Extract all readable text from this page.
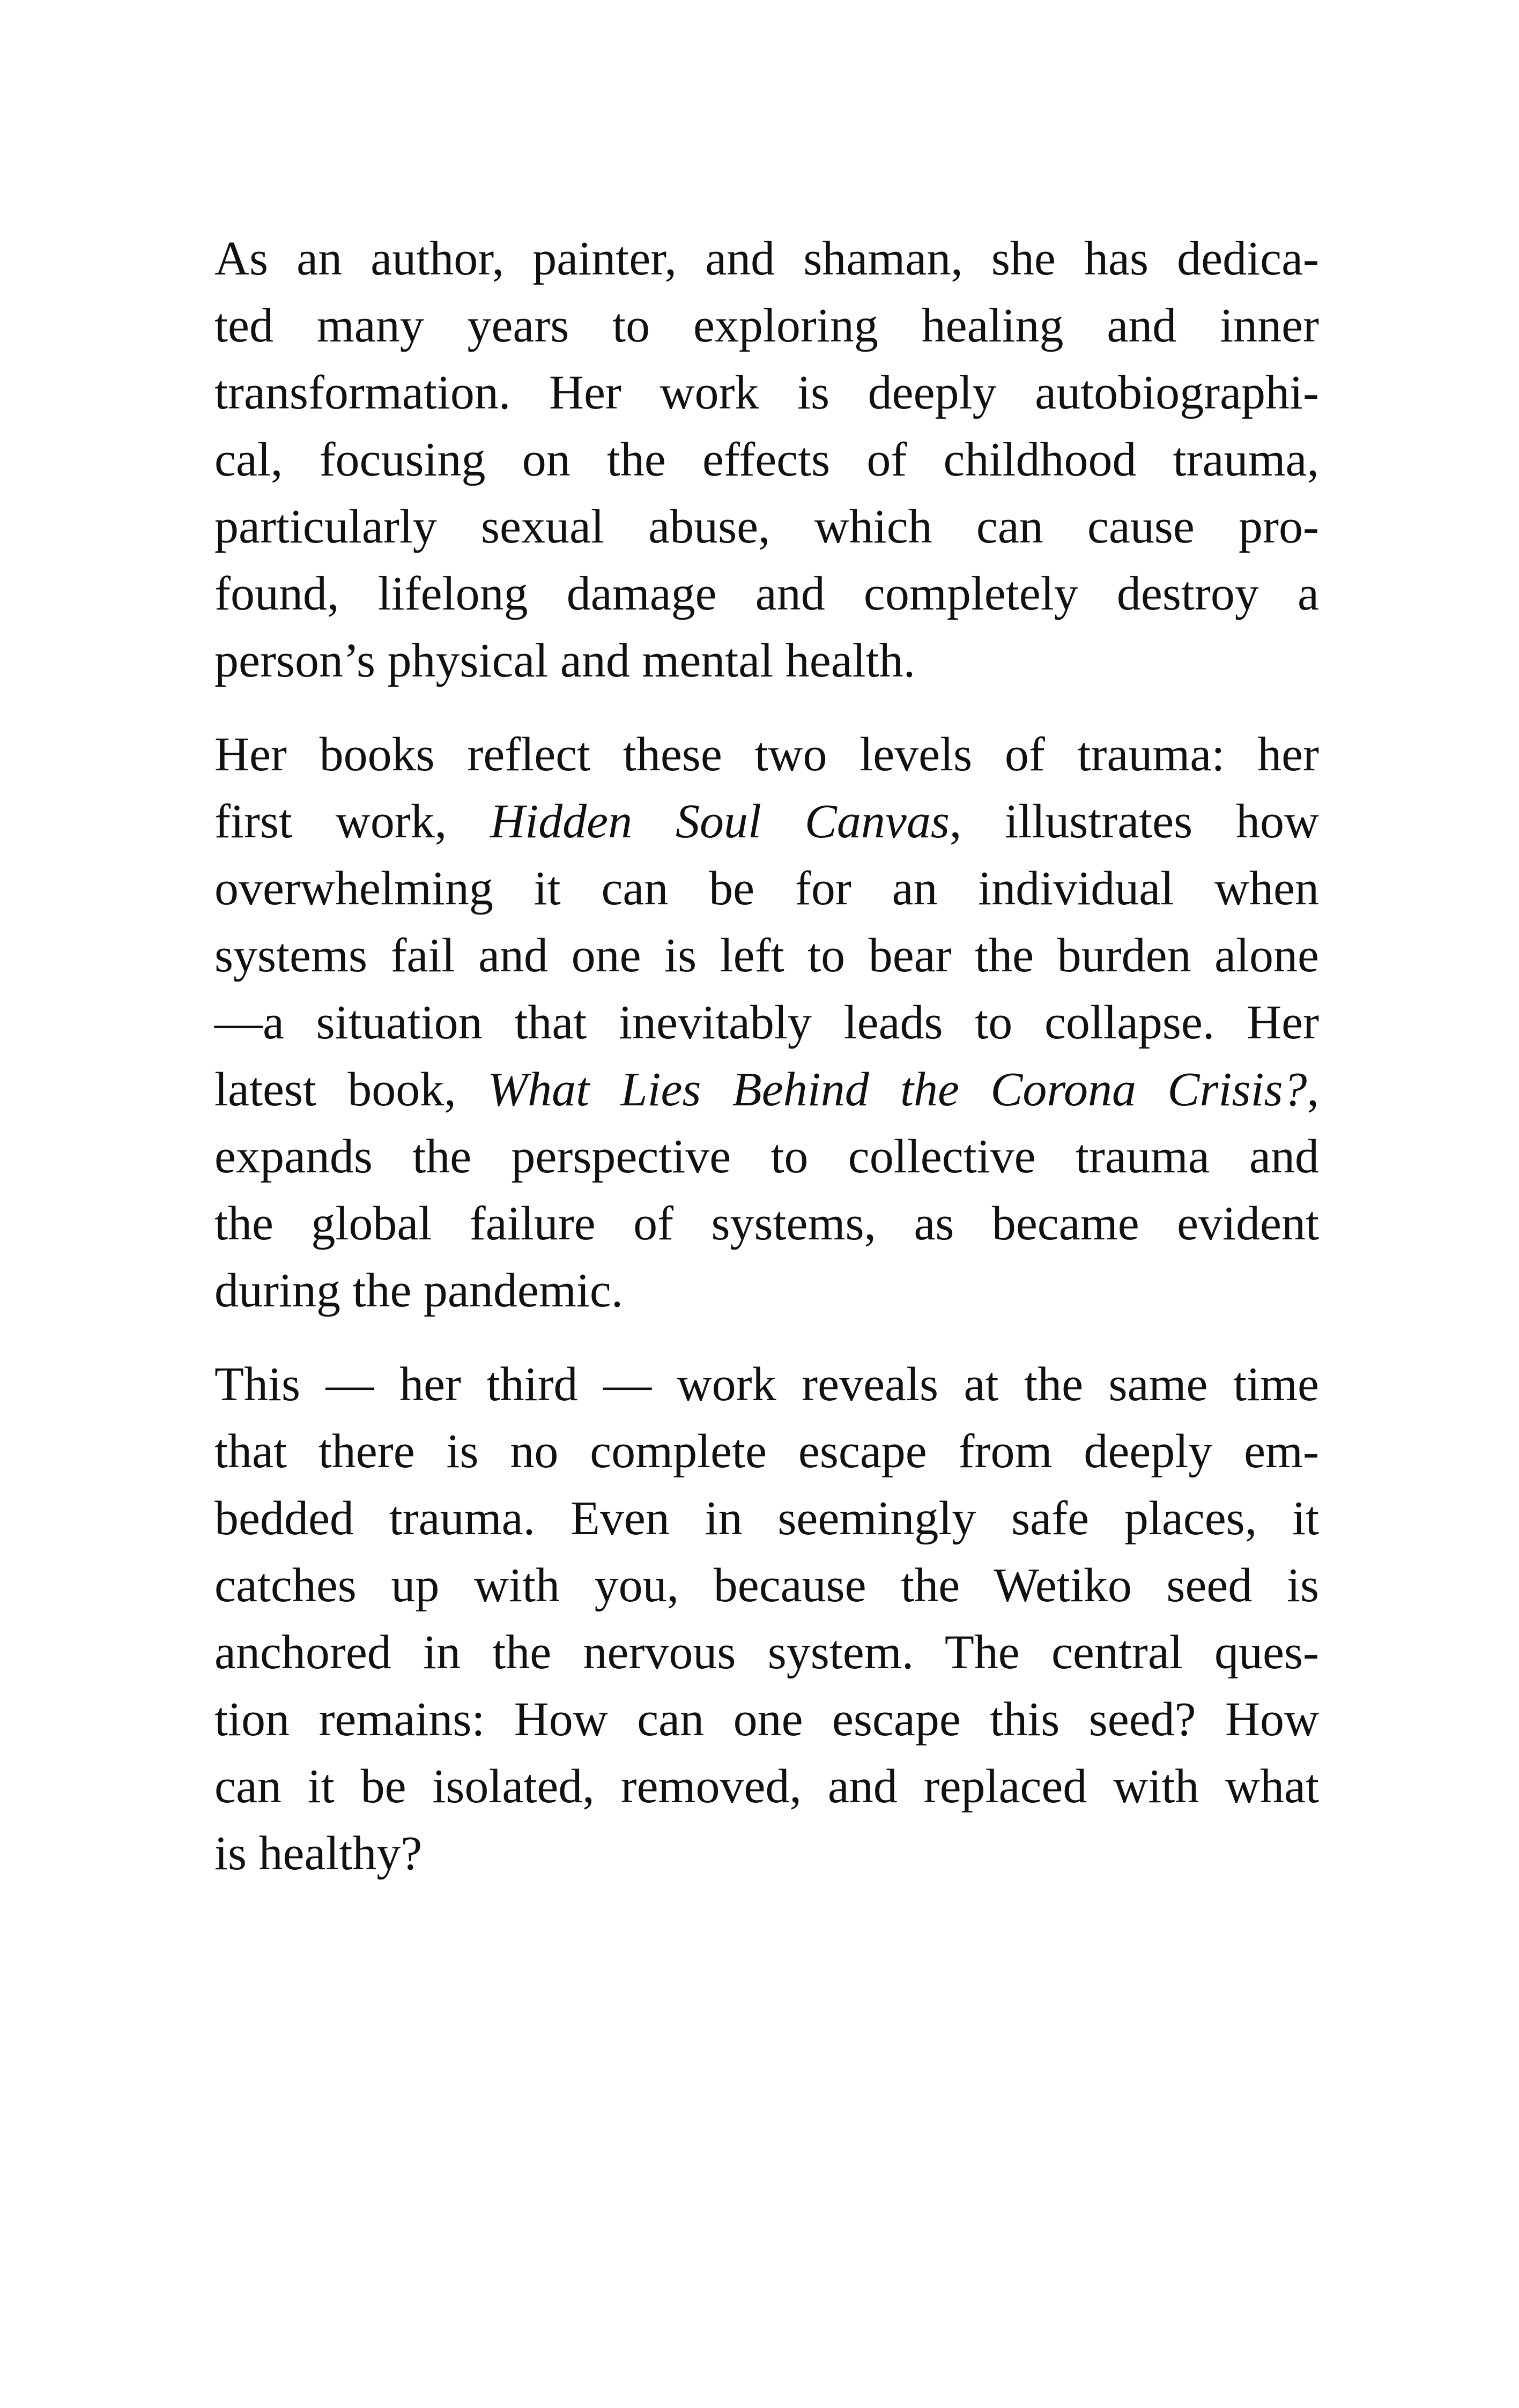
As an author, painter, and shaman, she has dedica-
ted many years to exploring healing and inner
transformation. Her work is deeply autobiographi-
cal, focusing on the effects of childhood trauma,
particularly sexual abuse, which can cause pro-
found, lifelong damage and completely destroy a
person’s physical and mental health.

Her books reflect these two levels of trauma: her
first work, Hidden Soul Canvas, illustrates how
overwhelming it can be for an individual when
systems fail and one is left to bear the burden alone
—a situation that inevitably leads to collapse. Her
latest book, What Lies Behind the Corona Crisis?,
expands the perspective to collective trauma and
the global failure of systems, as became evident
during the pandemic.

This — her third — work reveals at the same time
that there is no complete escape from deeply em-
bedded trauma. Even in seemingly safe places, it
catches up with you, because the Wetiko seed is
anchored in the nervous system. The central ques-
tion remains: How can one escape this seed? How
can it be isolated, removed, and replaced with what
is healthy?
